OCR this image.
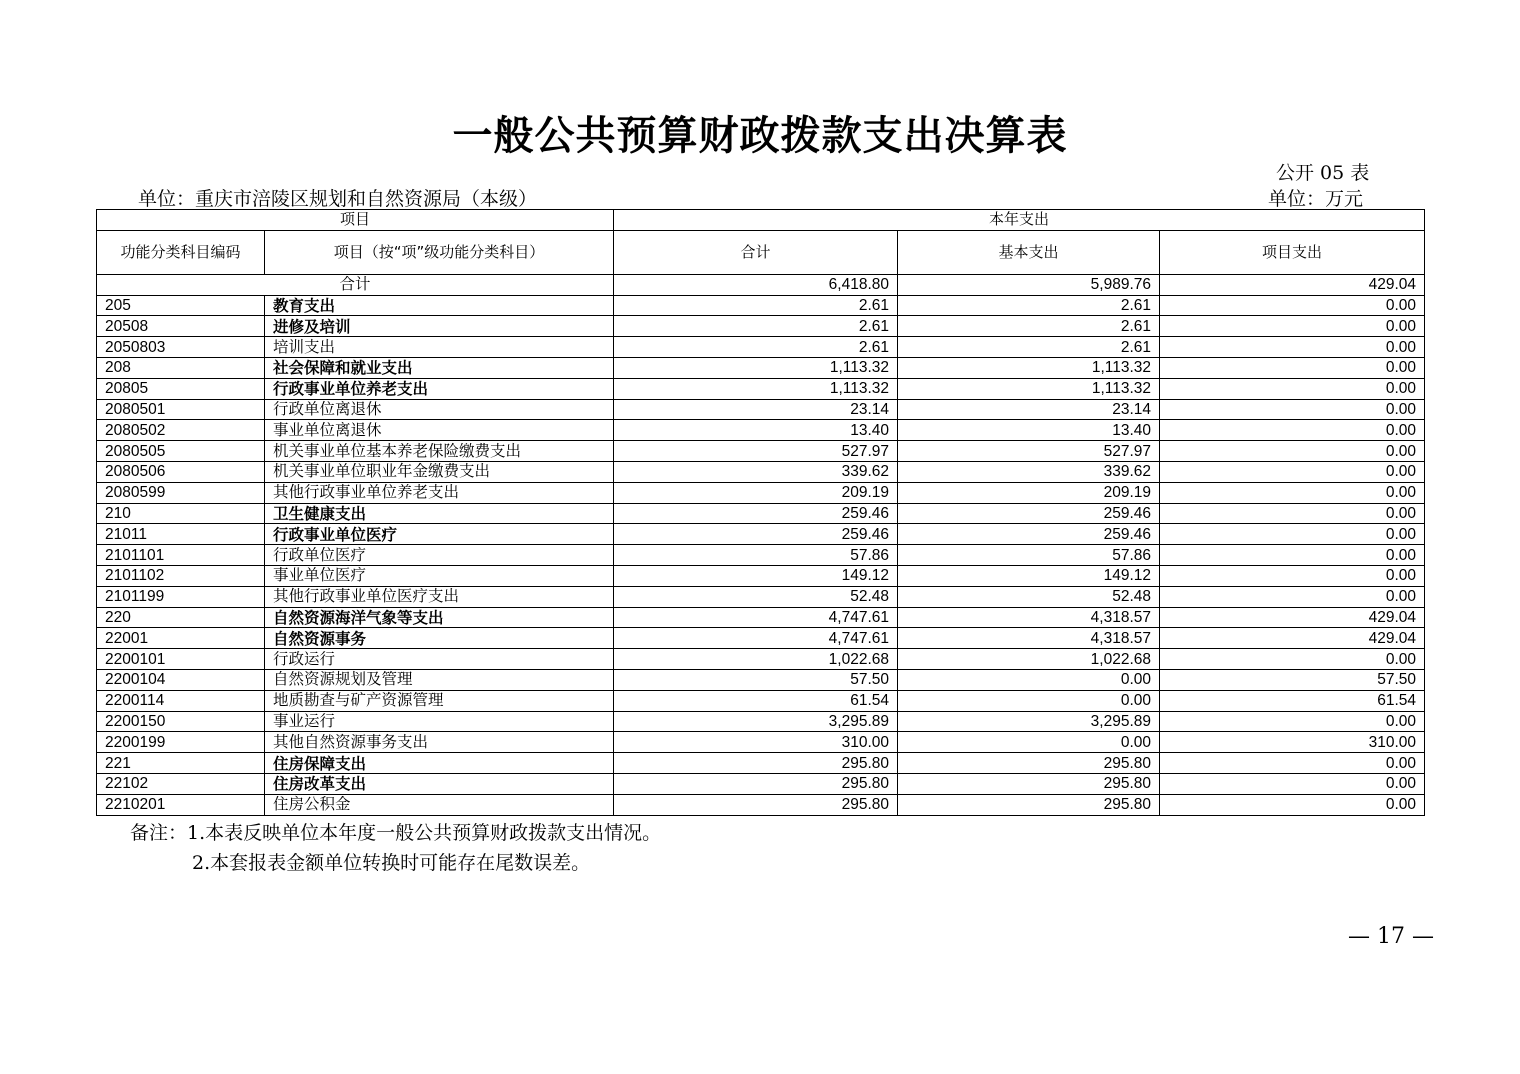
一般公共预算财政拨款支出决算表
公开 05 表
单位：重庆市涪陵区规划和自然资源局（本级）	单位：万元
项目		本年支出		
功能分类科目编码	项目（按“项”级功能分类科目）	合计	基本支出	项目支出
合计		6,418.80	5,989.76	429.04
205	教育支出	2.61	2.61	0.00
20508	进修及培训	2.61	2.61	0.00
2050803	培训支出	2.61	2.61	0.00
208	社会保障和就业支出	1,113.32	1,113.32	0.00
20805	行政事业单位养老支出	1,113.32	1,113.32	0.00
2080501	行政单位离退休	23.14	23.14	0.00
2080502	事业单位离退休	13.40	13.40	0.00
2080505	机关事业单位基本养老保险缴费支出	527.97	527.97	0.00
2080506	机关事业单位职业年金缴费支出	339.62	339.62	0.00
2080599	其他行政事业单位养老支出	209.19	209.19	0.00
210	卫生健康支出	259.46	259.46	0.00
21011	行政事业单位医疗	259.46	259.46	0.00
2101101	行政单位医疗	57.86	57.86	0.00
2101102	事业单位医疗	149.12	149.12	0.00
2101199	其他行政事业单位医疗支出	52.48	52.48	0.00
220	自然资源海洋气象等支出	4,747.61	4,318.57	429.04
22001	自然资源事务	4,747.61	4,318.57	429.04
2200101	行政运行	1,022.68	1,022.68	0.00
2200104	自然资源规划及管理	57.50	0.00	57.50
2200114	地质勘查与矿产资源管理	61.54	0.00	61.54
2200150	事业运行	3,295.89	3,295.89	0.00
2200199	其他自然资源事务支出	310.00	0.00	310.00
221	住房保障支出	295.80	295.80	0.00
22102	住房改革支出	295.80	295.80	0.00
2210201	住房公积金	295.80	295.80	0.00
备注：1.本表反映单位本年度一般公共预算财政拨款支出情况。
2.本套报表金额单位转换时可能存在尾数误差。
— 17 —
